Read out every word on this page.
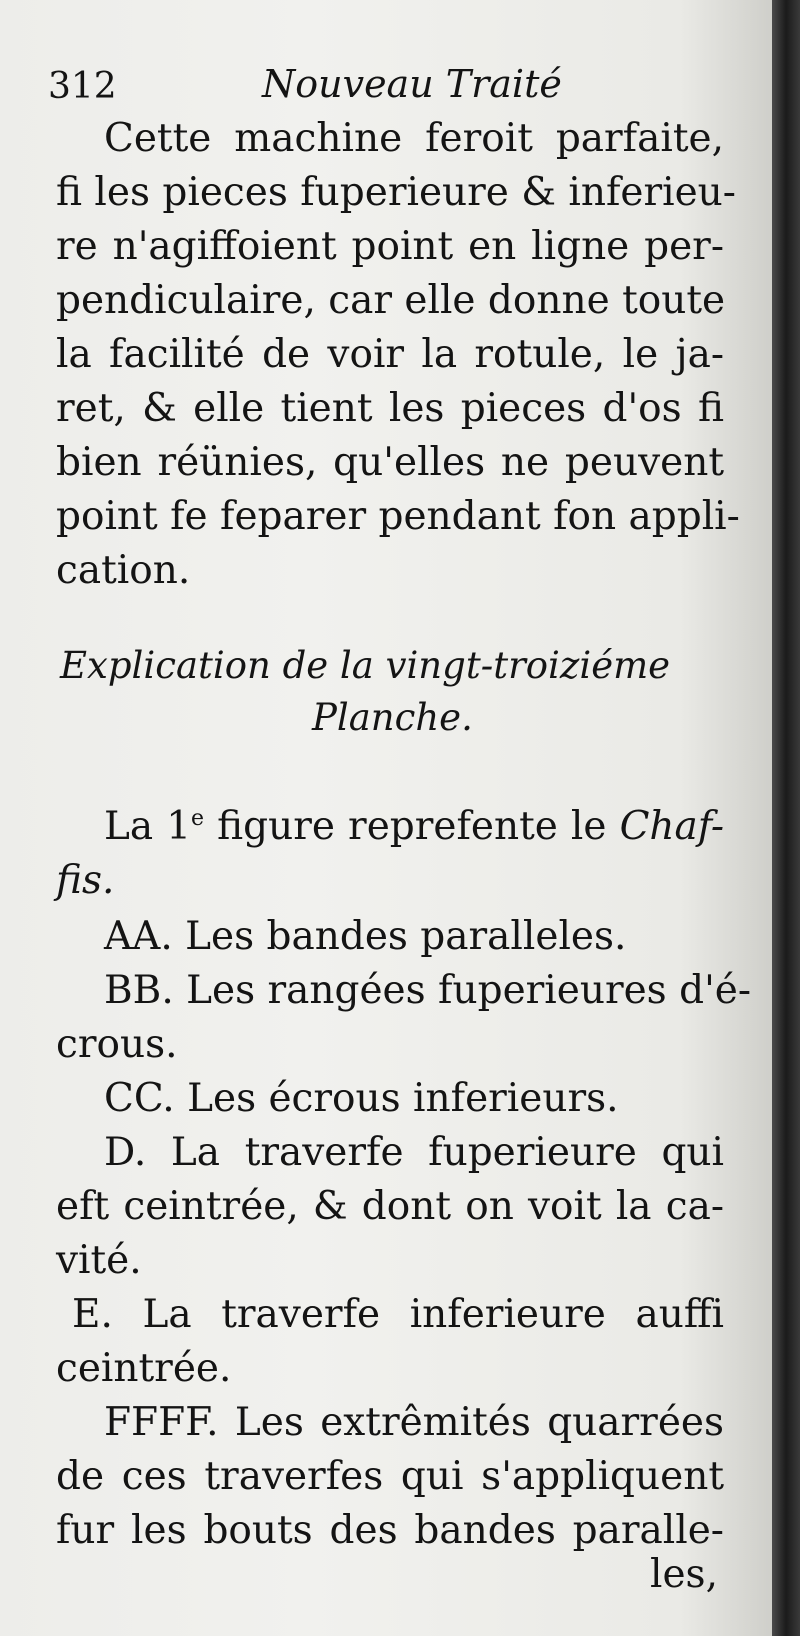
312	Nouveau Traité
Cette machine feroit parfaite,
fi les pieces fuperieure & inferieu-
re n'agiffoient point en ligne per-
pendiculaire, car elle donne toute
la facilité de voir la rotule, le ja-
ret, & elle tient les pieces d'os fi
bien réünies, qu'elles ne peuvent
point fe feparer pendant fon appli-
cation.
Explication de la vingt-troiziéme
Planche.
La 1e figure reprefente le Chaf-
fis.
AA. Les bandes paralleles.
BB. Les rangées fuperieures d'é-
crous.
CC. Les écrous inferieurs.
D. La traverfe fuperieure qui
eft ceintrée, & dont on voit la ca-
vité.
E. La traverfe inferieure auffi
ceintrée.
FFFF. Les extrêmités quarrées
de ces traverfes qui s'appliquent
fur les bouts des bandes paralle-
les,
